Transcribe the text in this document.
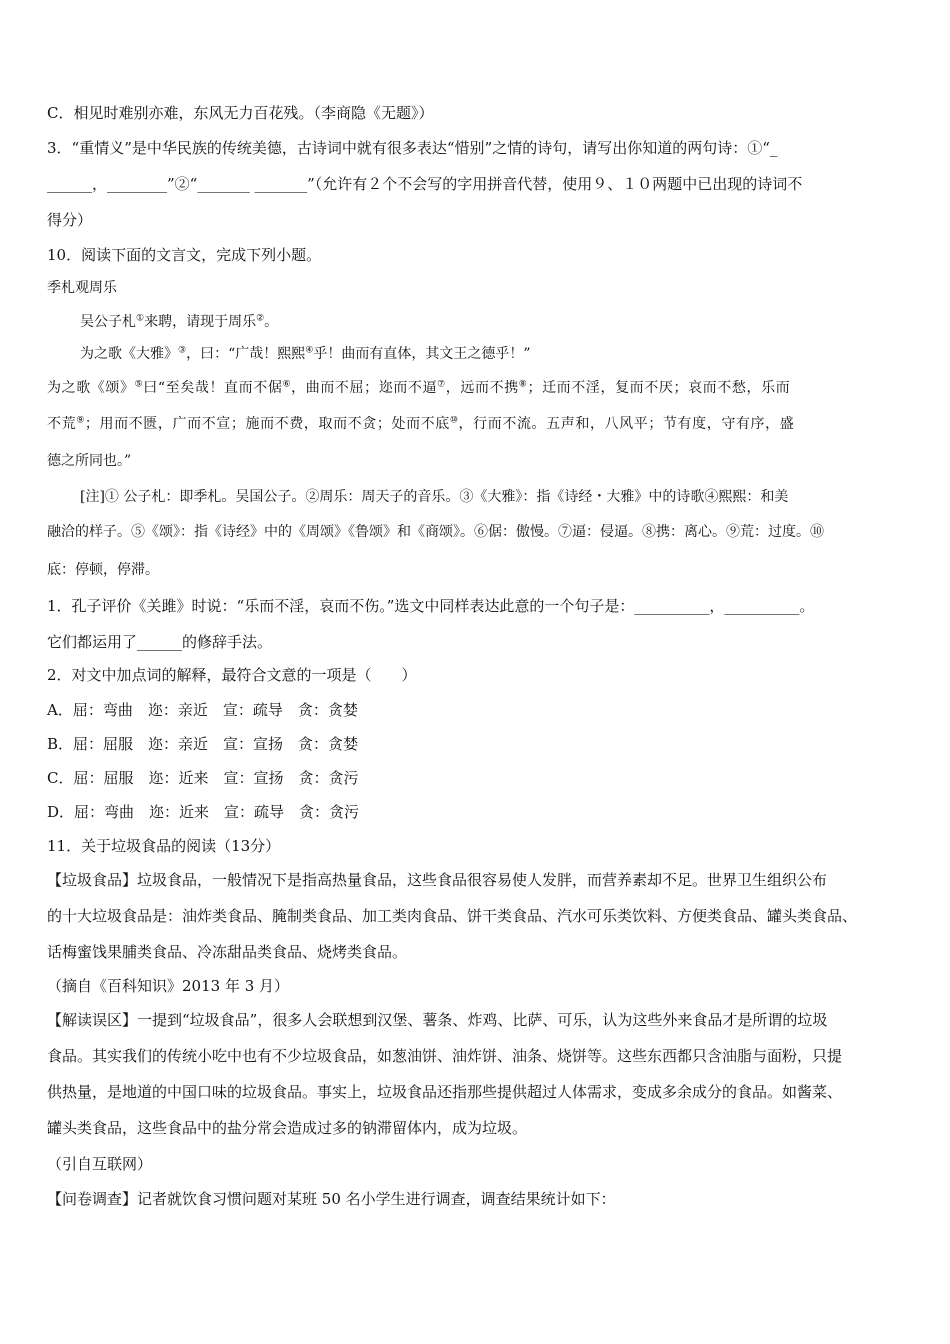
C．相见时难别亦难，东风无力百花残。（李商隐《无题》）
3．“重情义”是中华民族的传统美德，古诗词中就有很多表达“惜别”之情的诗句，请写出你知道的两句诗：①“_
______，________”②“_______ _______”（允许有２个不会写的字用拼音代替，使用９、１０两题中已出现的诗词不
得分）
10．阅读下面的文言文，完成下列小题。
季札观周乐
吴公子札①来聘，请现于周乐②。
为之歌《大雅》③，曰：“广哉！熙熙④乎！曲而有直体，其文王之德乎！”
为之歌《颂》⑤曰“至矣哉！直而不倨⑥，曲而不屈；迩而不逼⑦，远而不携⑧；迁而不淫，复而不厌；哀而不愁，乐而
不荒⑨；用而不匮，广而不宣；施而不费，取而不贪；处而不底⑩，行而不流。五声和，八风平；节有度，守有序，盛
德之所同也。”
[注]① 公子札：即季札。吴国公子。②周乐：周天子的音乐。③《大雅》：指《诗经・大雅》中的诗歌④熙熙：和美
融洽的样子。⑤《颂》：指《诗经》中的《周颂》《鲁颂》和《商颂》。⑥倨：傲慢。⑦逼：侵逼。⑧携：离心。⑨荒：过度。⑩
底：停顿，停滞。
1．孔子评价《关雎》时说：“乐而不淫，哀而不伤。”选文中同样表达此意的一个句子是：__________，__________。
它们都运用了______的修辞手法。
2．对文中加点词的解释，最符合文意的一项是（　　）
A．屈：弯曲　迩：亲近　宣：疏导　贪：贪婪
B．屈：屈服　迩：亲近　宣：宣扬　贪：贪婪
C．屈：屈服　迩：近来　宣：宣扬　贪：贪污
D．屈：弯曲　迩：近来　宣：疏导　贪：贪污
11．关于垃圾食品的阅读（13分）
【垃圾食品】垃圾食品，一般情况下是指高热量食品，这些食品很容易使人发胖，而营养素却不足。世界卫生组织公布
的十大垃圾食品是：油炸类食品、腌制类食品、加工类肉食品、饼干类食品、汽水可乐类饮料、方便类食品、罐头类食品、
话梅蜜饯果脯类食品、冷冻甜品类食品、烧烤类食品。
（摘自《百科知识》2013 年 3 月）
【解读误区】一提到“垃圾食品”，很多人会联想到汉堡、薯条、炸鸡、比萨、可乐，认为这些外来食品才是所谓的垃圾
食品。其实我们的传统小吃中也有不少垃圾食品，如葱油饼、油炸饼、油条、烧饼等。这些东西都只含油脂与面粉，只提
供热量，是地道的中国口味的垃圾食品。事实上，垃圾食品还指那些提供超过人体需求，变成多余成分的食品。如酱菜、
罐头类食品，这些食品中的盐分常会造成过多的钠滞留体内，成为垃圾。
（引自互联网）
【问卷调查】记者就饮食习惯问题对某班 50 名小学生进行调查，调查结果统计如下：
